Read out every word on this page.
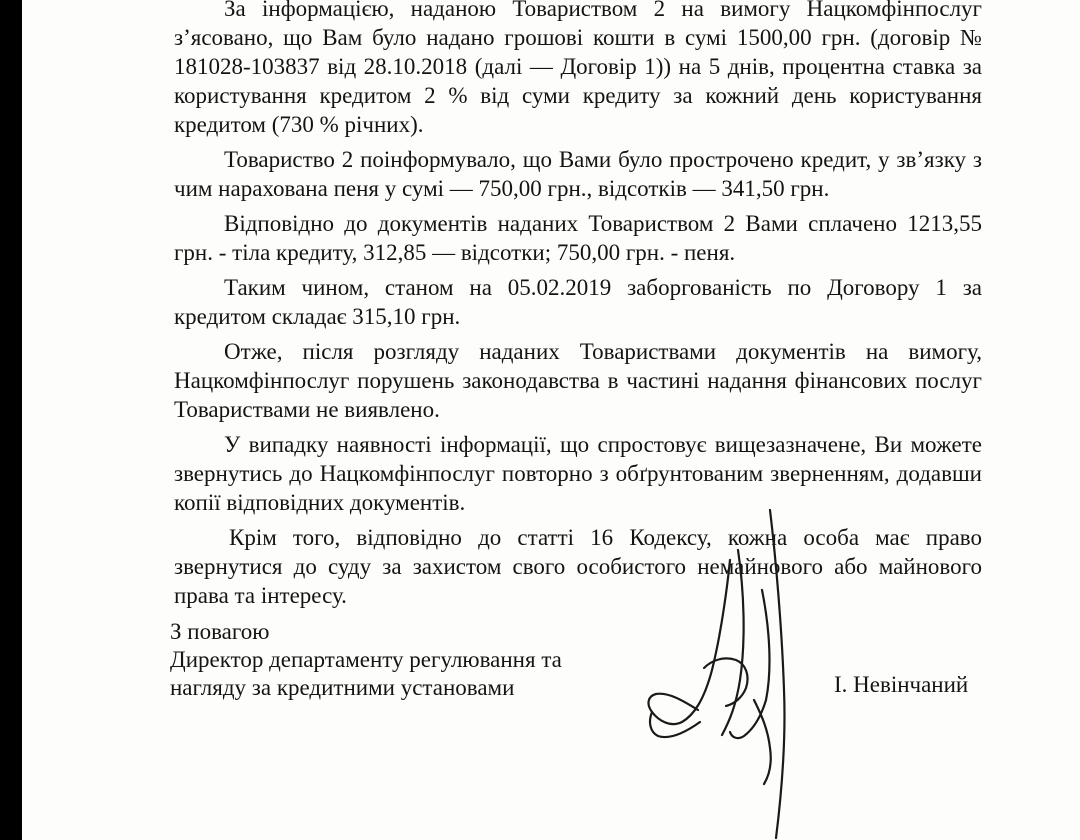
За інформацією, наданою Товариством 2 на вимогу Нацкомфінпослуг з’ясовано, що Вам було надано грошові кошти в сумі 1500,00 грн. (договір № 181028-103837 від 28.10.2018 (далі — Договір 1)) на 5 днів, процентна ставка за користування кредитом 2 % від суми кредиту за кожний день користування кредитом (730 % річних).

Товариство 2 поінформувало, що Вами було прострочено кредит, у зв’язку з чим нарахована пеня у сумі — 750,00 грн., відсотків — 341,50 грн.

Відповідно до документів наданих Товариством 2 Вами сплачено 1213,55 грн. - тіла кредиту, 312,85 — відсотки; 750,00 грн. - пеня.

Таким чином, станом на 05.02.2019 заборгованість по Договору 1 за кредитом складає 315,10 грн.

Отже, після розгляду наданих Товариствами документів на вимогу, Нацкомфінпослуг порушень законодавства в частині надання фінансових послуг Товариствами не виявлено.

У випадку наявності інформації, що спростовує вищезазначене, Ви можете звернутись до Нацкомфінпослуг повторно з обґрунтованим зверненням, додавши копії відповідних документів.

Крім того, відповідно до статті 16 Кодексу, кожна особа має право звернутися до суду за захистом свого особистого немайнового або майнового права та інтересу.

З повагою
Директор департаменту регулювання та
нагляду за кредитними установами	І. Невінчаний
